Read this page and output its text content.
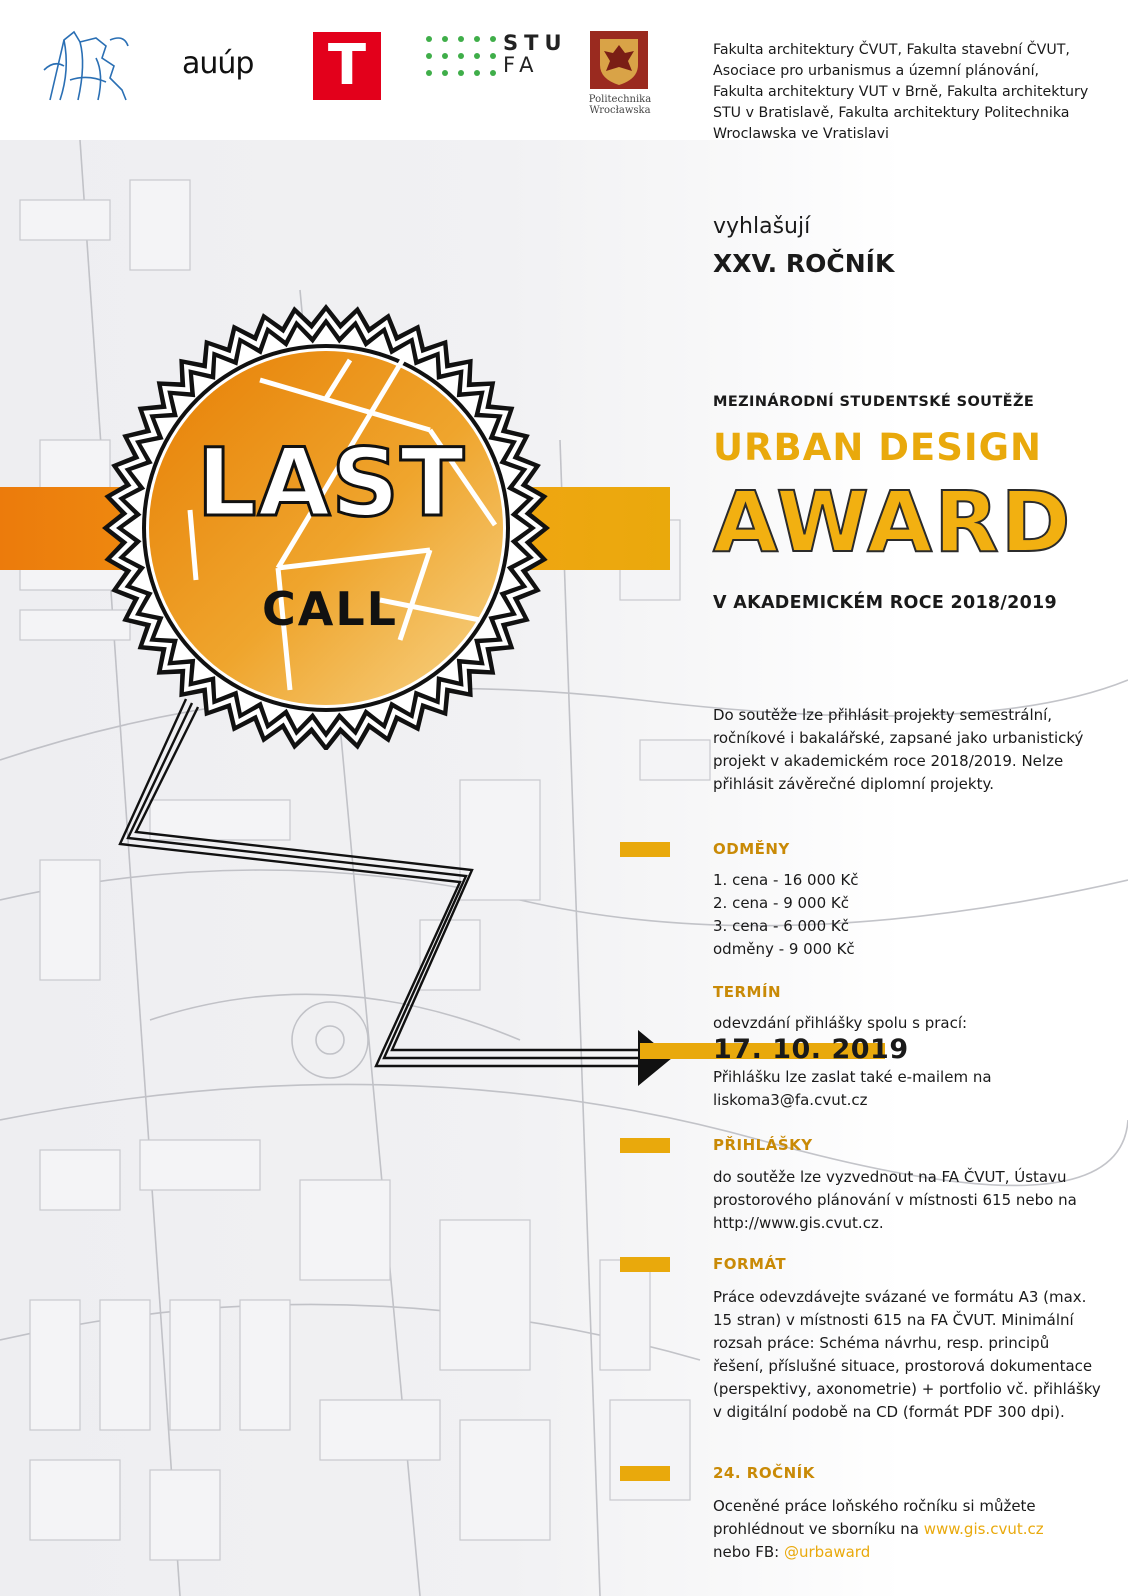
auúp T	STU
FA
Politechnika
Wrocławska
Fakulta architektury ČVUT, Fakulta stavební ČVUT, Asociace pro urbanismus a územní plánování, Fakulta architektury VUT v Brně, Fakulta architektury STU v Bratislavě, Fakulta architektury Politechnika Wroclawska ve Vratislavi
LAST
CALL
vyhlašují
XXV. ROČNÍK
MEZINÁRODNÍ STUDENTSKÉ SOUTĚŽE
URBAN DESIGN
AWARD
V AKADEMICKÉM ROCE 2018/2019
Do soutěže lze přihlásit projekty semestrální, ročníkové i bakalářské, zapsané jako urbanistický projekt v akademickém roce 2018/2019. Nelze přihlásit závěrečné diplomní projekty.
ODMĚNY
1. cena - 16 000 Kč
2. cena - 9 000 Kč
3. cena - 6 000 Kč
odměny - 9 000 Kč
TERMÍN
odevzdání přihlášky spolu s prací:
17. 10. 2019
Přihlášku lze zaslat také e-mailem na
liskoma3@fa.cvut.cz
PŘIHLÁŠKY
do soutěže lze vyzvednout na FA ČVUT, Ústavu prostorového plánování v místnosti 615 nebo na http://www.gis.cvut.cz.
FORMÁT
Práce odevzdávejte svázané ve formátu A3 (max. 15 stran) v místnosti 615 na FA ČVUT. Minimální rozsah práce: Schéma návrhu, resp. principů řešení, příslušné situace, prostorová dokumentace (perspektivy, axonometrie) + portfolio vč. přihlášky v digitální podobě na CD (formát PDF 300 dpi).
24. ROČNÍK
Oceněné práce loňského ročníku si můžete
prohlédnout ve sborníku na www.gis.cvut.cz
nebo FB: @urbaward
